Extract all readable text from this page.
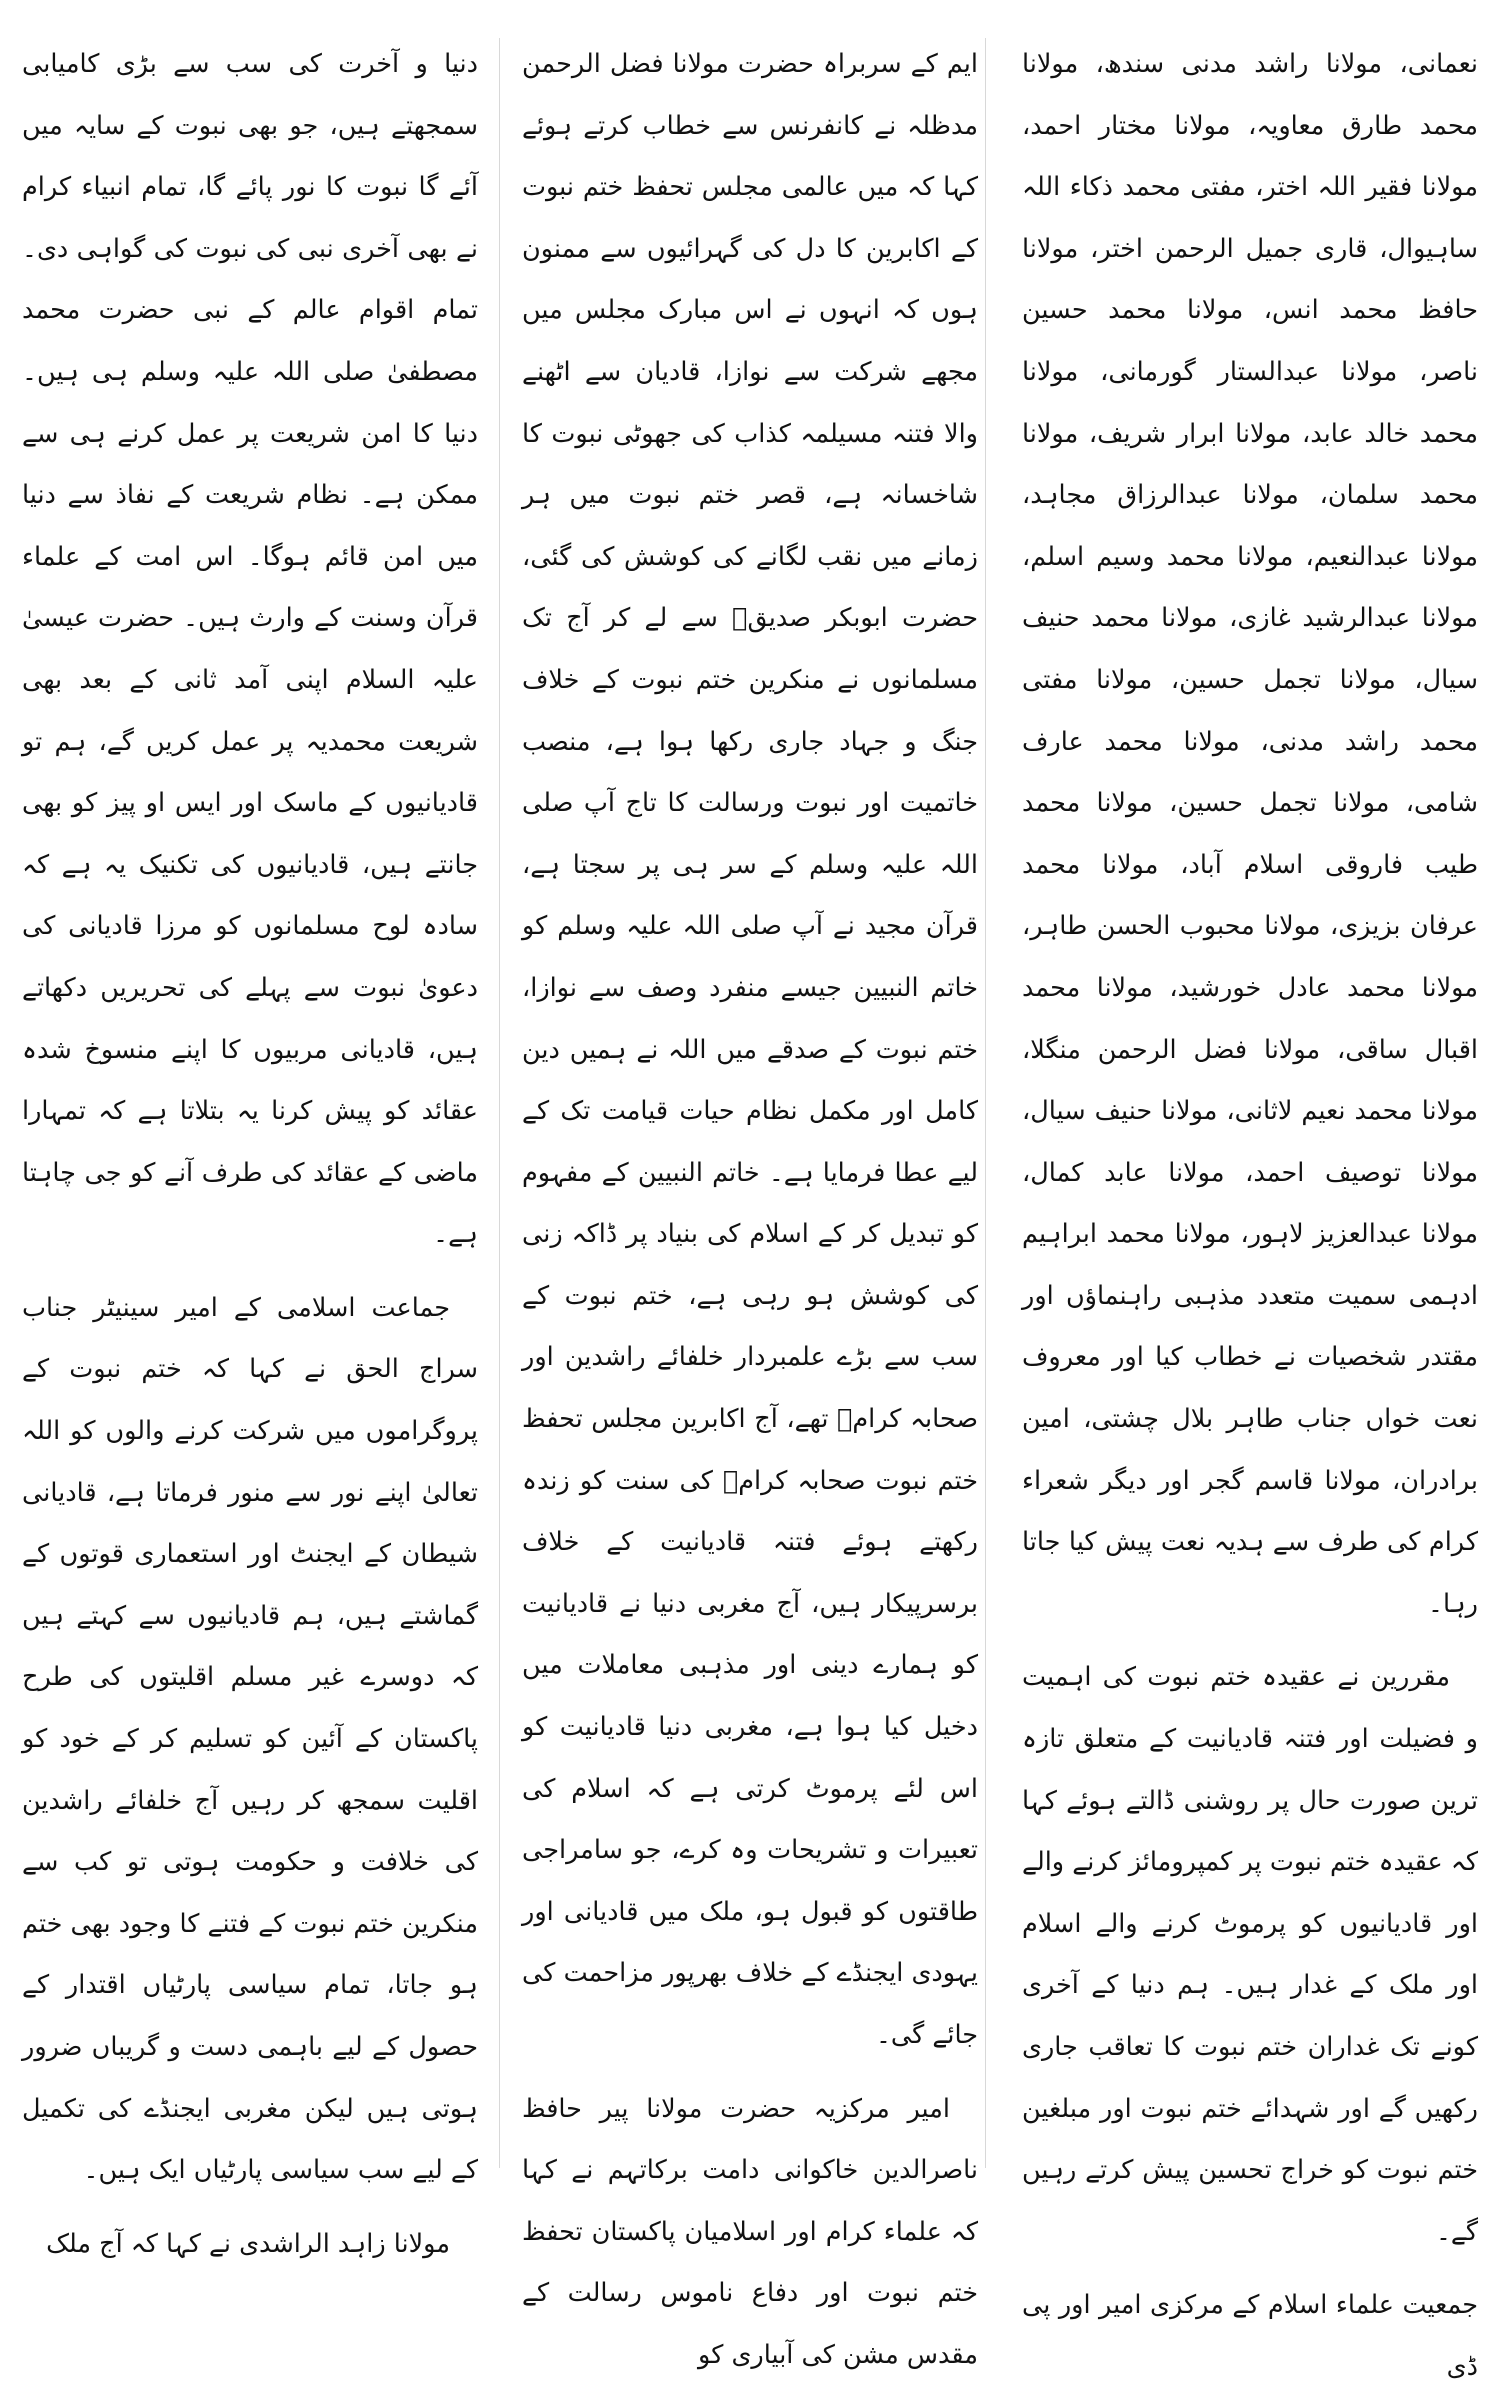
نعمانی، مولانا راشد مدنی سندھ، مولانا محمد طارق معاویہ، مولانا مختار احمد، مولانا فقیر اللہ اختر، مفتی محمد ذکاء اللہ ساہیوال، قاری جمیل الرحمن اختر، مولانا حافظ محمد انس، مولانا محمد حسین ناصر، مولانا عبدالستار گورمانی، مولانا محمد خالد عابد، مولانا ابرار شریف، مولانا محمد سلمان، مولانا عبدالرزاق مجاہد، مولانا عبدالنعیم، مولانا محمد وسیم اسلم، مولانا عبدالرشید غازی، مولانا محمد حنیف سیال، مولانا تجمل حسین، مولانا مفتی محمد راشد مدنی، مولانا محمد عارف شامی، مولانا تجمل حسین، مولانا محمد طیب فاروقی اسلام آباد، مولانا محمد عرفان بزیزی، مولانا محبوب الحسن طاہر، مولانا محمد عادل خورشید، مولانا محمد اقبال ساقی، مولانا فضل الرحمن منگلا، مولانا محمد نعیم لاثانی، مولانا حنیف سیال، مولانا توصیف احمد، مولانا عابد کمال، مولانا عبدالعزیز لاہور، مولانا محمد ابراہیم ادہمی سمیت متعدد مذہبی راہنماؤں اور مقتدر شخصیات نے خطاب کیا اور معروف نعت خواں جناب طاہر بلال چشتی، امین برادران، مولانا قاسم گجر اور دیگر شعراء کرام کی طرف سے ہدیہ نعت پیش کیا جاتا رہا۔

مقررین نے عقیدہ ختم نبوت کی اہمیت و فضیلت اور فتنہ قادیانیت کے متعلق تازہ ترین صورت حال پر روشنی ڈالتے ہوئے کہا کہ عقیدہ ختم نبوت پر کمپرومائز کرنے والے اور قادیانیوں کو پرموٹ کرنے والے اسلام اور ملک کے غدار ہیں۔ ہم دنیا کے آخری کونے تک غداران ختم نبوت کا تعاقب جاری رکھیں گے اور شہدائے ختم نبوت اور مبلغین ختم نبوت کو خراج تحسین پیش کرتے رہیں گے۔

جمعیت علماء اسلام کے مرکزی امیر اور پی ڈی

ایم کے سربراہ حضرت مولانا فضل الرحمن مدظلہ نے کانفرنس سے خطاب کرتے ہوئے کہا کہ میں عالمی مجلس تحفظ ختم نبوت کے اکابرین کا دل کی گہرائیوں سے ممنون ہوں کہ انہوں نے اس مبارک مجلس میں مجھے شرکت سے نوازا، قادیان سے اٹھنے والا فتنہ مسیلمہ کذاب کی جھوٹی نبوت کا شاخسانہ ہے، قصر ختم نبوت میں ہر زمانے میں نقب لگانے کی کوشش کی گئی، حضرت ابوبکر صدیقؓ سے لے کر آج تک مسلمانوں نے منکرین ختم نبوت کے خلاف جنگ و جہاد جاری رکھا ہوا ہے، منصب خاتمیت اور نبوت ورسالت کا تاج آپ صلی اللہ علیہ وسلم کے سر ہی پر سجتا ہے، قرآن مجید نے آپ صلی اللہ علیہ وسلم کو خاتم النبیین جیسے منفرد وصف سے نوازا، ختم نبوت کے صدقے میں اللہ نے ہمیں دین کامل اور مکمل نظام حیات قیامت تک کے لیے عطا فرمایا ہے۔ خاتم النبیین کے مفہوم کو تبدیل کر کے اسلام کی بنیاد پر ڈاکہ زنی کی کوشش ہو رہی ہے، ختم نبوت کے سب سے بڑے علمبردار خلفائے راشدین اور صحابہ کرامؓ تھے، آج اکابرین مجلس تحفظ ختم نبوت صحابہ کرامؓ کی سنت کو زندہ رکھتے ہوئے فتنہ قادیانیت کے خلاف برسرپیکار ہیں، آج مغربی دنیا نے قادیانیت کو ہمارے دینی اور مذہبی معاملات میں دخیل کیا ہوا ہے، مغربی دنیا قادیانیت کو اس لئے پرموٹ کرتی ہے کہ اسلام کی تعبیرات و تشریحات وہ کرے، جو سامراجی طاقتوں کو قبول ہو، ملک میں قادیانی اور یہودی ایجنڈے کے خلاف بھرپور مزاحمت کی جائے گی۔

امیر مرکزیہ حضرت مولانا پیر حافظ ناصرالدین خاکوانی دامت برکاتہم نے کہا کہ علماء کرام اور اسلامیان پاکستان تحفظ ختم نبوت اور دفاع ناموس رسالت کے مقدس مشن کی آبیاری کو

دنیا و آخرت کی سب سے بڑی کامیابی سمجھتے ہیں، جو بھی نبوت کے سایہ میں آئے گا نبوت کا نور پائے گا، تمام انبیاء کرام نے بھی آخری نبی کی نبوت کی گواہی دی۔ تمام اقوام عالم کے نبی حضرت محمد مصطفیٰ صلی اللہ علیہ وسلم ہی ہیں۔ دنیا کا امن شریعت پر عمل کرنے ہی سے ممکن ہے۔ نظام شریعت کے نفاذ سے دنیا میں امن قائم ہوگا۔ اس امت کے علماء قرآن وسنت کے وارث ہیں۔ حضرت عیسیٰ علیہ السلام اپنی آمد ثانی کے بعد بھی شریعت محمدیہ پر عمل کریں گے، ہم تو قادیانیوں کے ماسک اور ایس او پیز کو بھی جانتے ہیں، قادیانیوں کی تکنیک یہ ہے کہ سادہ لوح مسلمانوں کو مرزا قادیانی کی دعویٰ نبوت سے پہلے کی تحریریں دکھاتے ہیں، قادیانی مربیوں کا اپنے منسوخ شدہ عقائد کو پیش کرنا یہ بتلاتا ہے کہ تمہارا ماضی کے عقائد کی طرف آنے کو جی چاہتا ہے۔

جماعت اسلامی کے امیر سینیٹر جناب سراج الحق نے کہا کہ ختم نبوت کے پروگراموں میں شرکت کرنے والوں کو اللہ تعالیٰ اپنے نور سے منور فرماتا ہے، قادیانی شیطان کے ایجنٹ اور استعماری قوتوں کے گماشتے ہیں، ہم قادیانیوں سے کہتے ہیں کہ دوسرے غیر مسلم اقلیتوں کی طرح پاکستان کے آئین کو تسلیم کر کے خود کو اقلیت سمجھ کر رہیں آج خلفائے راشدین کی خلافت و حکومت ہوتی تو کب سے منکرین ختم نبوت کے فتنے کا وجود بھی ختم ہو جاتا، تمام سیاسی پارٹیاں اقتدار کے حصول کے لیے باہمی دست و گریباں ضرور ہوتی ہیں لیکن مغربی ایجنڈے کی تکمیل کے لیے سب سیاسی پارٹیاں ایک ہیں۔

مولانا زاہد الراشدی نے کہا کہ آج ملک
